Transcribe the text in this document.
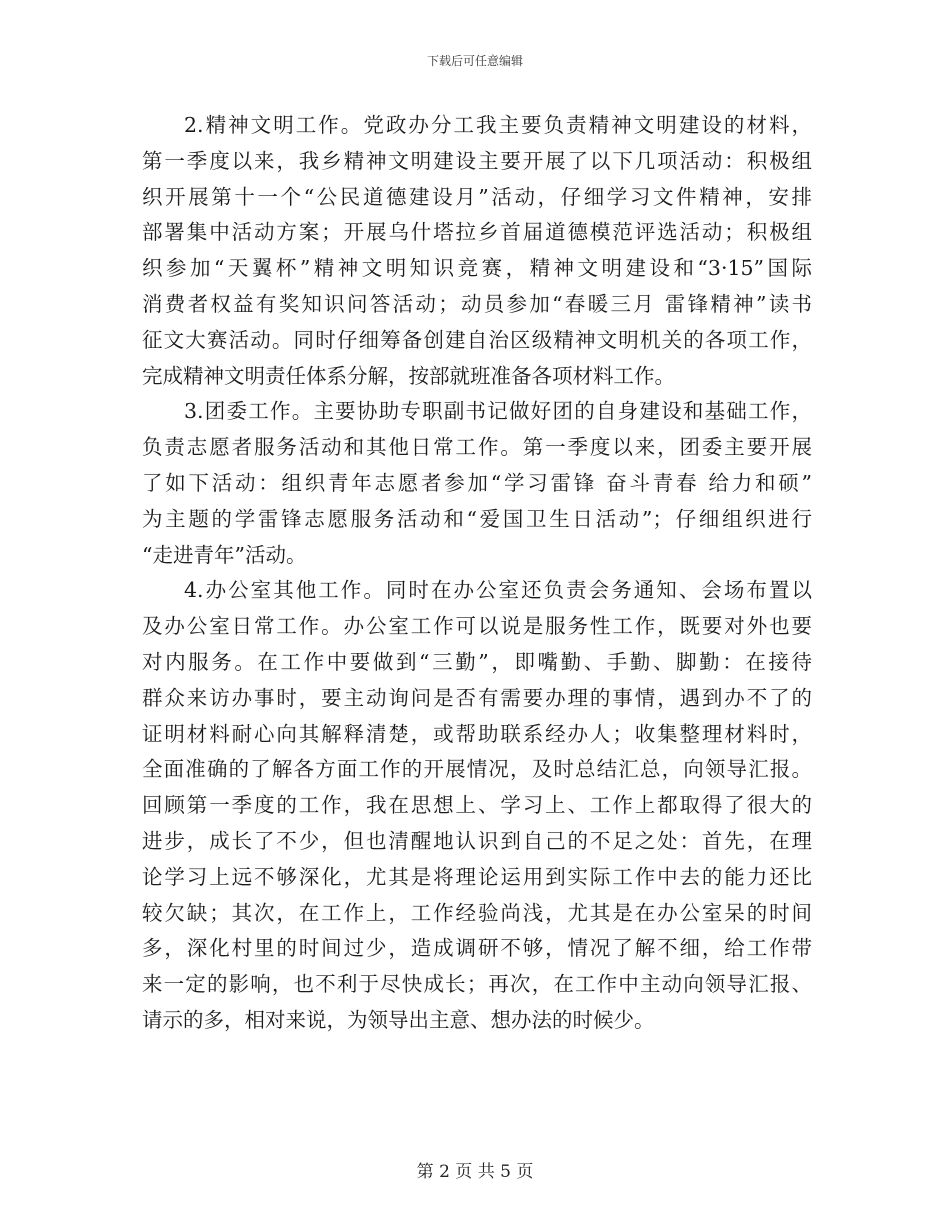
下载后可任意编辑
2.精神文明工作。党政办分工我主要负责精神文明建设的材料，
第一季度以来，我乡精神文明建设主要开展了以下几项活动：积极组
织开展第十一个“公民道德建设月”活动，仔细学习文件精神，安排
部署集中活动方案；开展乌什塔拉乡首届道德模范评选活动；积极组
织参加“天翼杯”精神文明知识竞赛，精神文明建设和“3·15”国际
消费者权益有奖知识问答活动；动员参加“春暖三月 雷锋精神”读书
征文大赛活动。同时仔细筹备创建自治区级精神文明机关的各项工作，
完成精神文明责任体系分解，按部就班准备各项材料工作。
3.团委工作。主要协助专职副书记做好团的自身建设和基础工作，
负责志愿者服务活动和其他日常工作。第一季度以来，团委主要开展
了如下活动：组织青年志愿者参加“学习雷锋 奋斗青春 给力和硕”
为主题的学雷锋志愿服务活动和“爱国卫生日活动”；仔细组织进行
“走进青年”活动。
4.办公室其他工作。同时在办公室还负责会务通知、会场布置以
及办公室日常工作。办公室工作可以说是服务性工作，既要对外也要
对内服务。在工作中要做到“三勤”，即嘴勤、手勤、脚勤：在接待
群众来访办事时，要主动询问是否有需要办理的事情，遇到办不了的
证明材料耐心向其解释清楚，或帮助联系经办人；收集整理材料时，
全面准确的了解各方面工作的开展情况，及时总结汇总，向领导汇报。
回顾第一季度的工作，我在思想上、学习上、工作上都取得了很大的
进步，成长了不少，但也清醒地认识到自己的不足之处：首先，在理
论学习上远不够深化，尤其是将理论运用到实际工作中去的能力还比
较欠缺；其次，在工作上，工作经验尚浅，尤其是在办公室呆的时间
多，深化村里的时间过少，造成调研不够，情况了解不细，给工作带
来一定的影响，也不利于尽快成长；再次，在工作中主动向领导汇报、
请示的多，相对来说，为领导出主意、想办法的时候少。
第 2 页 共 5 页
